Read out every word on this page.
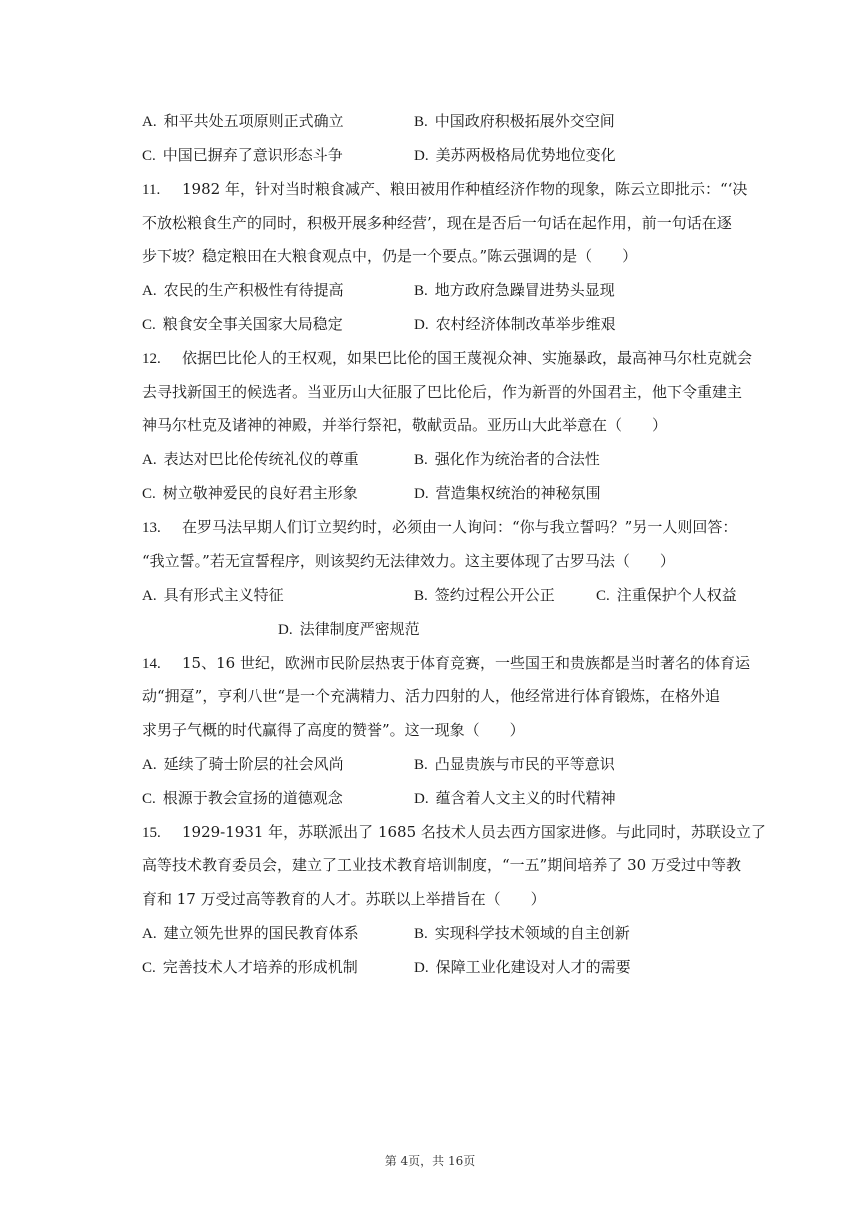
A. 和平共处五项原则正式确立	B. 中国政府积极拓展外交空间
C. 中国已摒弃了意识形态斗争	D. 美苏两极格局优势地位变化
11. 1982 年，针对当时粮食减产、粮田被用作种植经济作物的现象，陈云立即批示：“‘决
不放松粮食生产的同时，积极开展多种经营’，现在是否后一句话在起作用，前一句话在逐
步下坡？稳定粮田在大粮食观点中，仍是一个要点。”陈云强调的是（　　）
A. 农民的生产积极性有待提高	B. 地方政府急躁冒进势头显现
C. 粮食安全事关国家大局稳定	D. 农村经济体制改革举步维艰
12. 依据巴比伦人的王权观，如果巴比伦的国王蔑视众神、实施暴政，最高神马尔杜克就会
去寻找新国王的候选者。当亚历山大征服了巴比伦后，作为新晋的外国君主，他下令重建主
神马尔杜克及诸神的神殿，并举行祭祀，敬献贡品。亚历山大此举意在（　　）
A. 表达对巴比伦传统礼仪的尊重	B. 强化作为统治者的合法性
C. 树立敬神爱民的良好君主形象	D. 营造集权统治的神秘氛围
13. 在罗马法早期人们订立契约时，必须由一人询问：“你与我立誓吗？”另一人则回答：
“我立誓。”若无宣誓程序，则该契约无法律效力。这主要体现了古罗马法（　　）
A. 具有形式主义特征	B. 签约过程公开公正	C. 注重保护个人权益
D. 法律制度严密规范
14. 15、16 世纪，欧洲市民阶层热衷于体育竞赛，一些国王和贵族都是当时著名的体育运
动“拥趸”，亨利八世“是一个充满精力、活力四射的人，他经常进行体育锻炼，在格外追
求男子气概的时代赢得了高度的赞誉”。这一现象（　　）
A. 延续了骑士阶层的社会风尚	B. 凸显贵族与市民的平等意识
C. 根源于教会宣扬的道德观念	D. 蕴含着人文主义的时代精神
15. 1929-1931 年，苏联派出了 1685 名技术人员去西方国家进修。与此同时，苏联设立了
高等技术教育委员会，建立了工业技术教育培训制度，“一五”期间培养了 30 万受过中等教
育和 17 万受过高等教育的人才。苏联以上举措旨在（　　）
A. 建立领先世界的国民教育体系	B. 实现科学技术领域的自主创新
C. 完善技术人才培养的形成机制	D. 保障工业化建设对人才的需要
第 4页，共 16页
